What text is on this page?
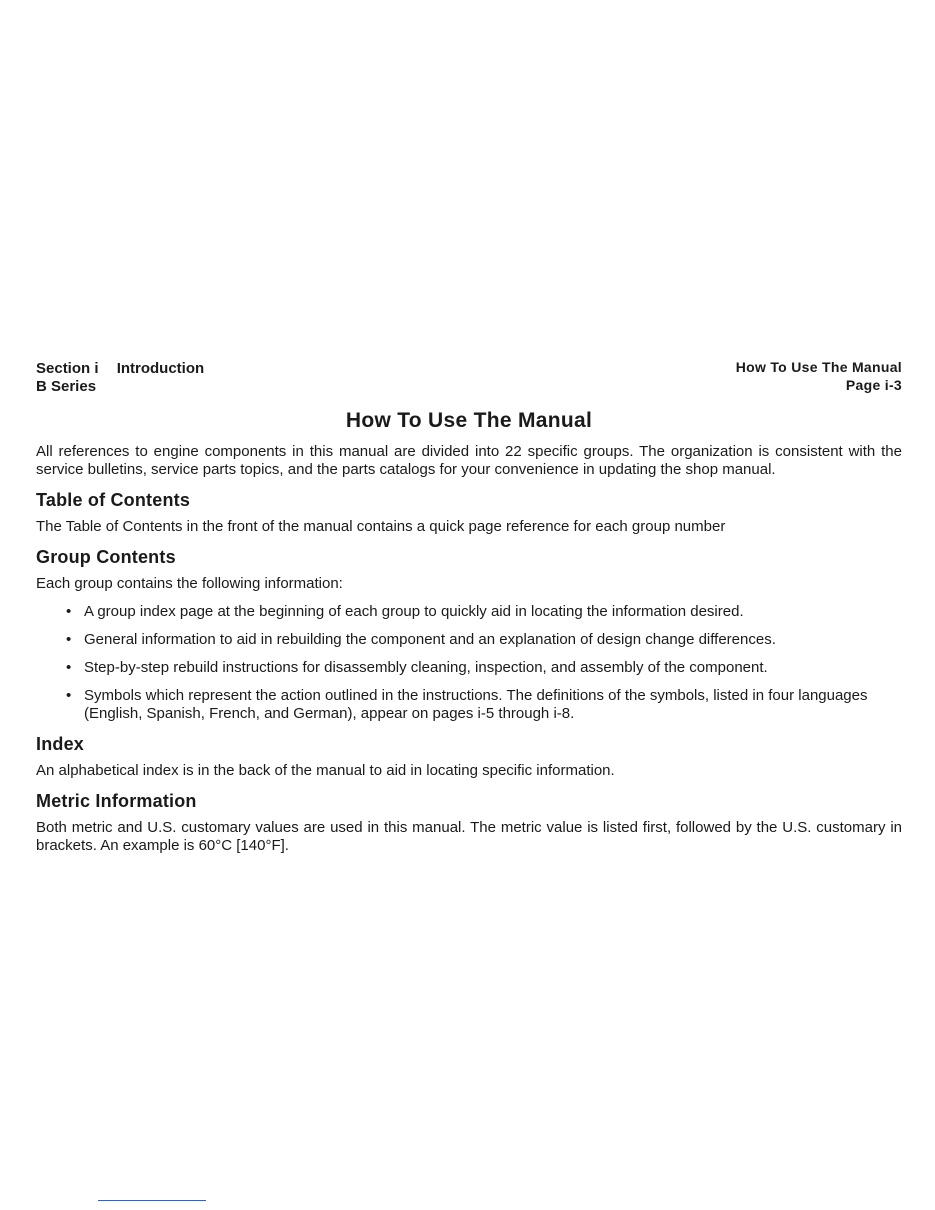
Section i Introduction
B Series
How To Use The Manual
Page i-3
How To Use The Manual

All references to engine components in this manual are divided into 22 specific groups. The organization is consistent with the service bulletins, service parts topics, and the parts catalogs for your convenience in updating the shop manual.

Table of Contents

The Table of Contents in the front of the manual contains a quick page reference for each group number

Group Contents

Each group contains the following information:

• A group index page at the beginning of each group to quickly aid in locating the information desired.
• General information to aid in rebuilding the component and an explanation of design change differences.
• Step-by-step rebuild instructions for disassembly cleaning, inspection, and assembly of the component.
• Symbols which represent the action outlined in the instructions. The definitions of the symbols, listed in four languages (English, Spanish, French, and German), appear on pages i-5 through i-8.
Index

An alphabetical index is in the back of the manual to aid in locating specific information.

Metric Information

Both metric and U.S. customary values are used in this manual. The metric value is listed first, followed by the U.S. customary in brackets. An example is 60°C [140°F].
